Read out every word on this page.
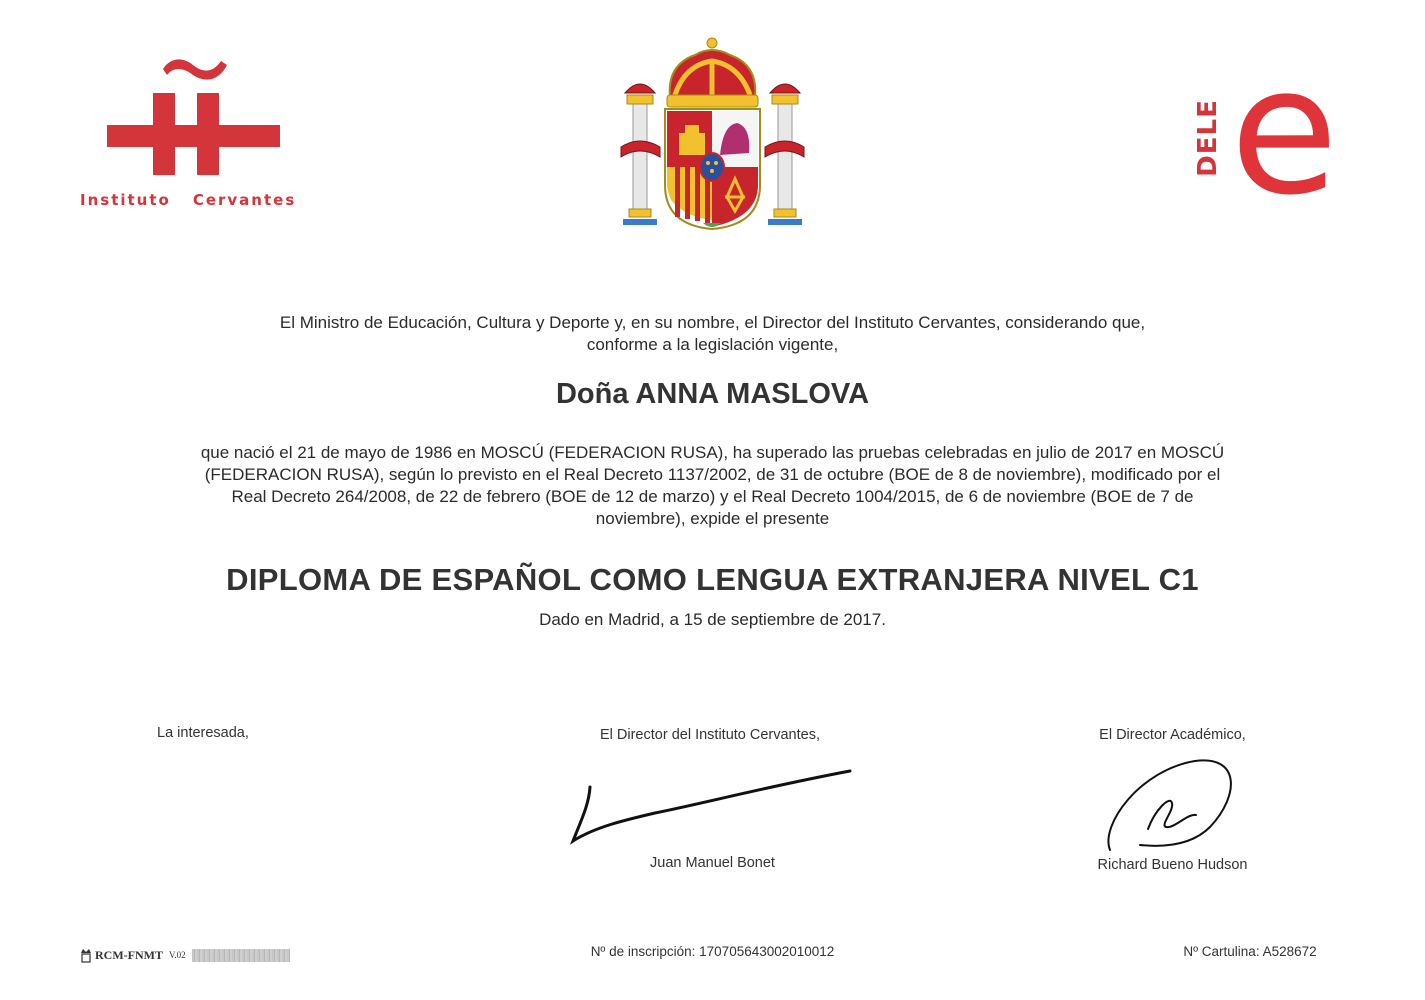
Instituto Cervantes
DELE e
El Ministro de Educación, Cultura y Deporte y, en su nombre, el Director del Instituto Cervantes, considerando que, conforme a la legislación vigente,
Doña ANNA MASLOVA
que nació el 21 de mayo de 1986 en MOSCÚ (FEDERACION RUSA), ha superado las pruebas celebradas en julio de 2017 en MOSCÚ (FEDERACION RUSA), según lo previsto en el Real Decreto 1137/2002, de 31 de octubre (BOE de 8 de noviembre), modificado por el Real Decreto 264/2008, de 22 de febrero (BOE de 12 de marzo) y el Real Decreto 1004/2015, de 6 de noviembre (BOE de 7 de noviembre), expide el presente
DIPLOMA DE ESPAÑOL COMO LENGUA EXTRANJERA NIVEL C1
Dado en Madrid, a 15 de septiembre de 2017.
La interesada,	El Director del Instituto Cervantes,	El Director Académico,
Juan Manuel Bonet	Richard Bueno Hudson
RCM-FNMT V.02	Nº de inscripción: 170705643002010012	Nº Cartulina: A528672
